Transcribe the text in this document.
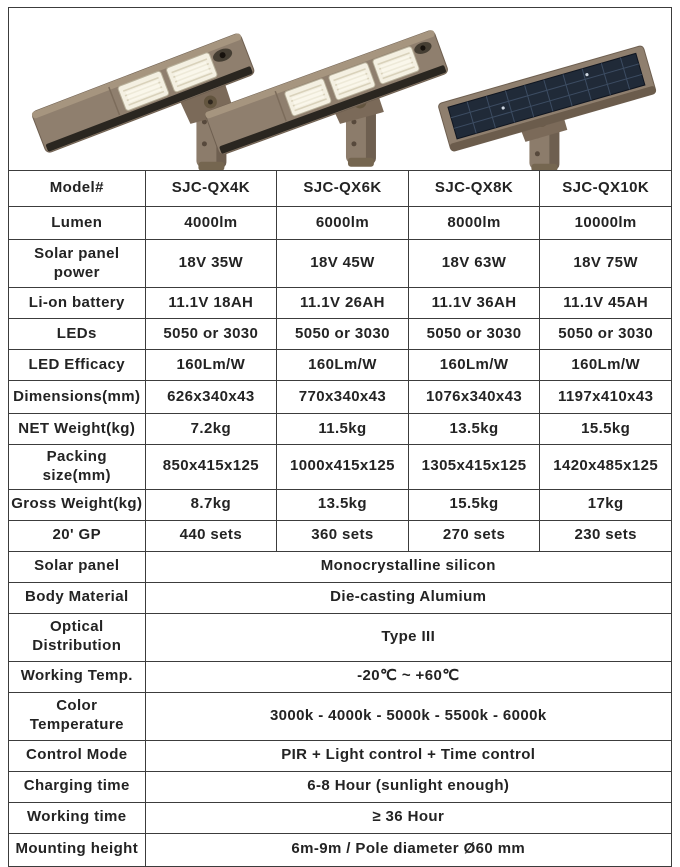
Model#	SJC-QX4K	SJC-QX6K	SJC-QX8K	SJC-QX10K
Lumen	4000lm	6000lm	8000lm	10000lm
Solar panel power	18V 35W	18V 45W	18V 63W	18V 75W
Li-on battery	11.1V 18AH	11.1V 26AH	11.1V 36AH	11.1V 45AH
LEDs	5050 or 3030	5050 or 3030	5050 or 3030	5050 or 3030
LED Efficacy	160Lm/W	160Lm/W	160Lm/W	160Lm/W
Dimensions(mm)	626x340x43	770x340x43	1076x340x43	1197x410x43
NET Weight(kg)	7.2kg	11.5kg	13.5kg	15.5kg
Packing size(mm)	850x415x125	1000x415x125	1305x415x125	1420x485x125
Gross Weight(kg)	8.7kg	13.5kg	15.5kg	17kg
20' GP	440 sets	360 sets	270 sets	230 sets
Solar panel	Monocrystalline silicon			
Body Material	Die-casting Alumium			
Optical Distribution	Type III			
Working Temp.	-20℃ ~ +60℃			
Color Temperature	3000k - 4000k - 5000k - 5500k - 6000k			
Control Mode	PIR + Light control + Time control			
Charging time	6-8 Hour (sunlight enough)			
Working time	≥ 36 Hour			
Mounting height	6m-9m / Pole diameter Ø60 mm			
